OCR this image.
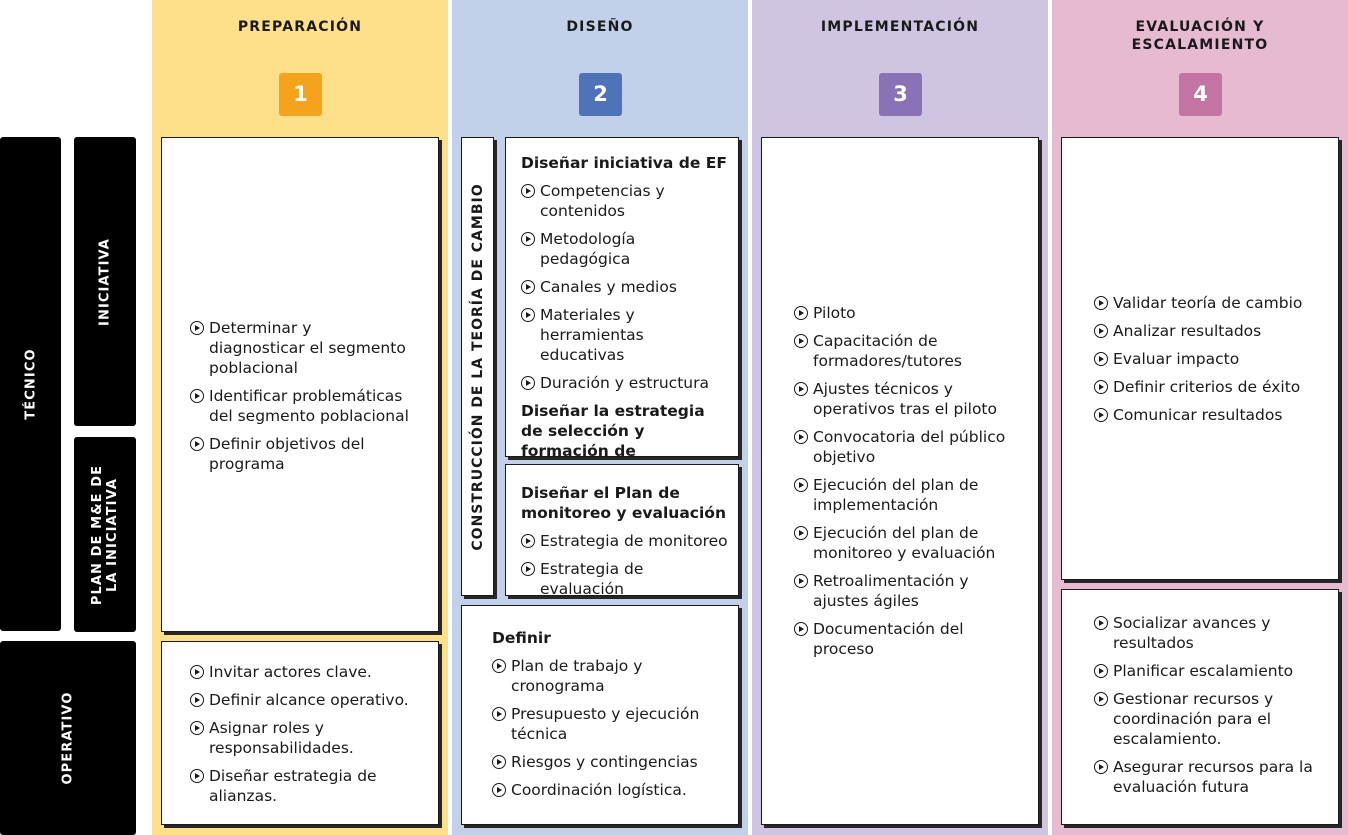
PREPARACIÓN	DISEÑO	IMPLEMENTACIÓN	EVALUACIÓN Y
ESCALAMIENTO
1	2	3	4
TÉCNICO
OPERATIVO
INICIATIVA
PLAN DE M&E DE LA INICIATIVA
Determinar y diagnosticar el segmento poblacional
Identificar problemáticas del segmento poblacional
Definir objetivos del programa
Invitar actores clave.
Definir alcance operativo.
Asignar roles y responsabilidades.
Diseñar estrategia de alianzas.
CONSTRUCCIÓN DE LA TEORÍA DE CAMBIO
Diseñar iniciativa de EF
Competencias y contenidos
Metodología pedagógica
Canales y medios
Materiales y herramientas educativas
Duración y estructura
Diseñar la estrategia de selección y formación de
Diseñar el Plan de monitoreo y evaluación
Estrategia de monitoreo
Estrategia de evaluación
Definir
Plan de trabajo y cronograma
Presupuesto y ejecución técnica
Riesgos y contingencias
Coordinación logística.
Piloto
Capacitación de formadores/tutores
Ajustes técnicos y operativos tras el piloto
Convocatoria del público objetivo
Ejecución del plan de implementación
Ejecución del plan de monitoreo y evaluación
Retroalimentación y ajustes ágiles
Documentación del proceso
Validar teoría de cambio
Analizar resultados
Evaluar impacto
Definir criterios de éxito
Comunicar resultados
Socializar avances y resultados
Planificar escalamiento
Gestionar recursos y coordinación para el escalamiento.
Asegurar recursos para la evaluación futura
